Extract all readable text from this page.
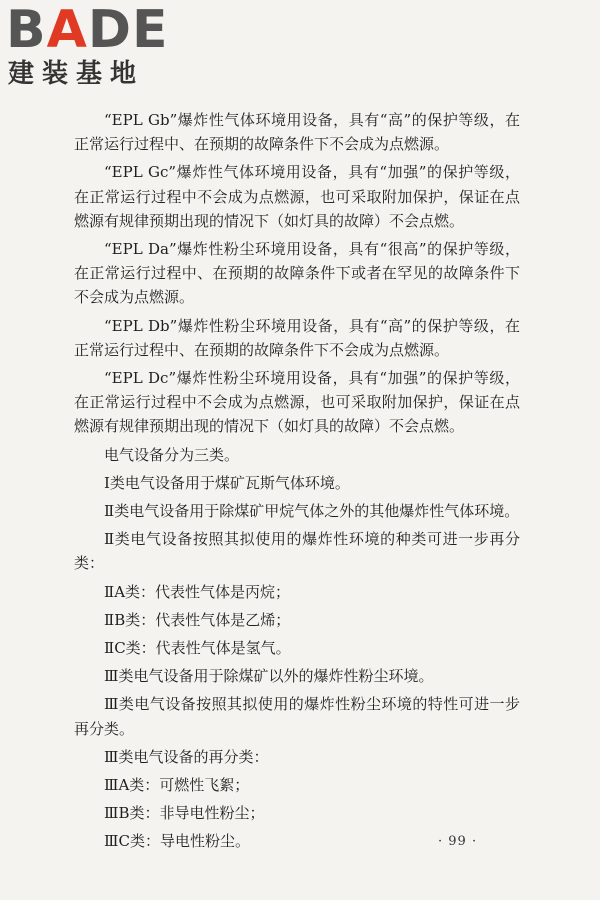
BADE
建装基地

“EPL Gb”爆炸性气体环境用设备，具有“高”的保护等级，在正常运行过程中、在预期的故障条件下不会成为点燃源。

“EPL Gc”爆炸性气体环境用设备，具有“加强”的保护等级，在正常运行过程中不会成为点燃源，也可采取附加保护，保证在点燃源有规律预期出现的情况下（如灯具的故障）不会点燃。

“EPL Da”爆炸性粉尘环境用设备，具有“很高”的保护等级，在正常运行过程中、在预期的故障条件下或者在罕见的故障条件下不会成为点燃源。

“EPL Db”爆炸性粉尘环境用设备，具有“高”的保护等级，在正常运行过程中、在预期的故障条件下不会成为点燃源。

“EPL Dc”爆炸性粉尘环境用设备，具有“加强”的保护等级，在正常运行过程中不会成为点燃源，也可采取附加保护，保证在点燃源有规律预期出现的情况下（如灯具的故障）不会点燃。

电气设备分为三类。

Ⅰ类电气设备用于煤矿瓦斯气体环境。

Ⅱ类电气设备用于除煤矿甲烷气体之外的其他爆炸性气体环境。

Ⅱ类电气设备按照其拟使用的爆炸性环境的种类可进一步再分类：

ⅡA类：代表性气体是丙烷；

ⅡB类：代表性气体是乙烯；

ⅡC类：代表性气体是氢气。

Ⅲ类电气设备用于除煤矿以外的爆炸性粉尘环境。

Ⅲ类电气设备按照其拟使用的爆炸性粉尘环境的特性可进一步再分类。

Ⅲ类电气设备的再分类：

ⅢA类：可燃性飞絮；

ⅢB类：非导电性粉尘；

ⅢC类：导电性粉尘。	· 99 ·
